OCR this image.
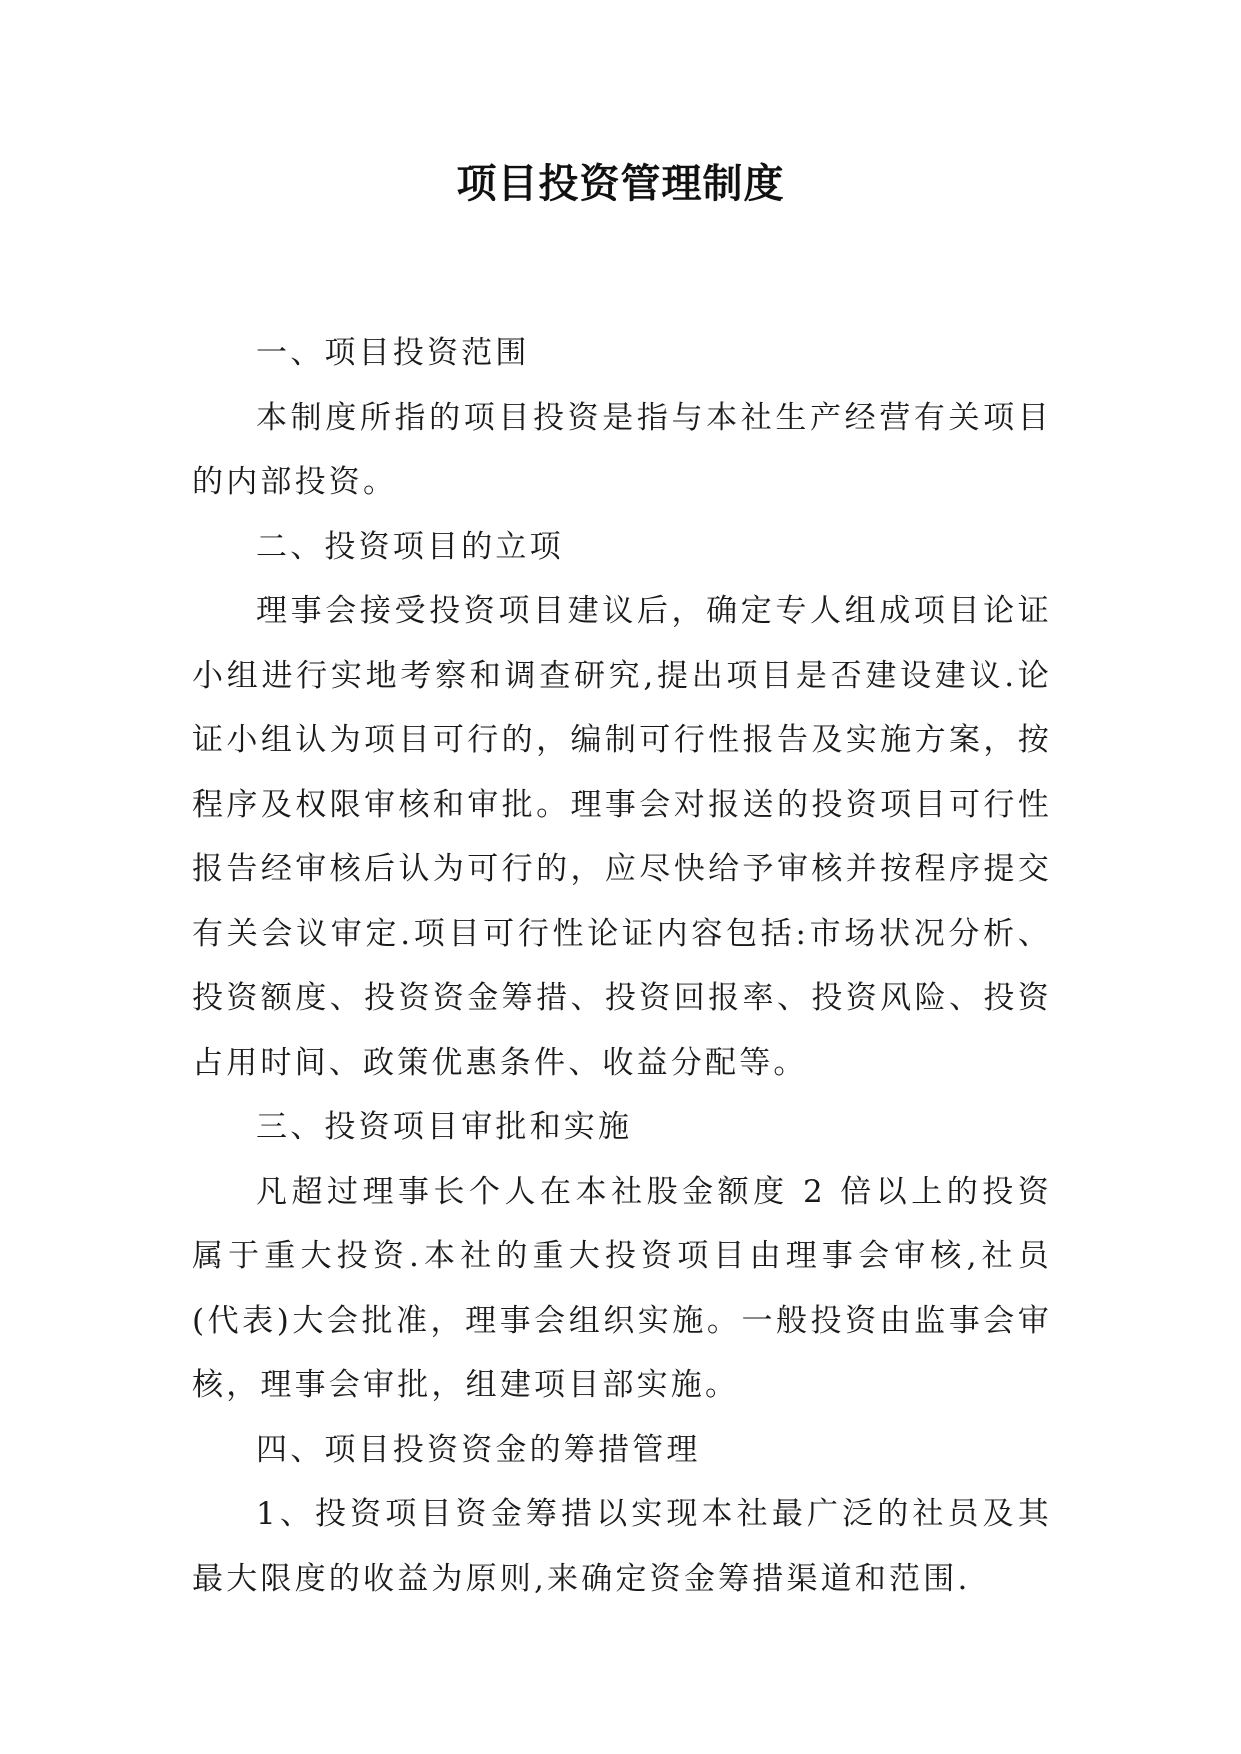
项目投资管理制度

一、项目投资范围

本制度所指的项目投资是指与本社生产经营有关项目的内部投资。

二、投资项目的立项

理事会接受投资项目建议后，确定专人组成项目论证小组进行实地考察和调查研究,提出项目是否建设建议.论证小组认为项目可行的，编制可行性报告及实施方案，按程序及权限审核和审批。理事会对报送的投资项目可行性报告经审核后认为可行的，应尽快给予审核并按程序提交有关会议审定.项目可行性论证内容包括:市场状况分析、投资额度、投资资金筹措、投资回报率、投资风险、投资占用时间、政策优惠条件、收益分配等。

三、投资项目审批和实施

凡超过理事长个人在本社股金额度 2 倍以上的投资属于重大投资.本社的重大投资项目由理事会审核,社员(代表)大会批准，理事会组织实施。一般投资由监事会审核，理事会审批，组建项目部实施。

四、项目投资资金的筹措管理

1、投资项目资金筹措以实现本社最广泛的社员及其最大限度的收益为原则,来确定资金筹措渠道和范围.
